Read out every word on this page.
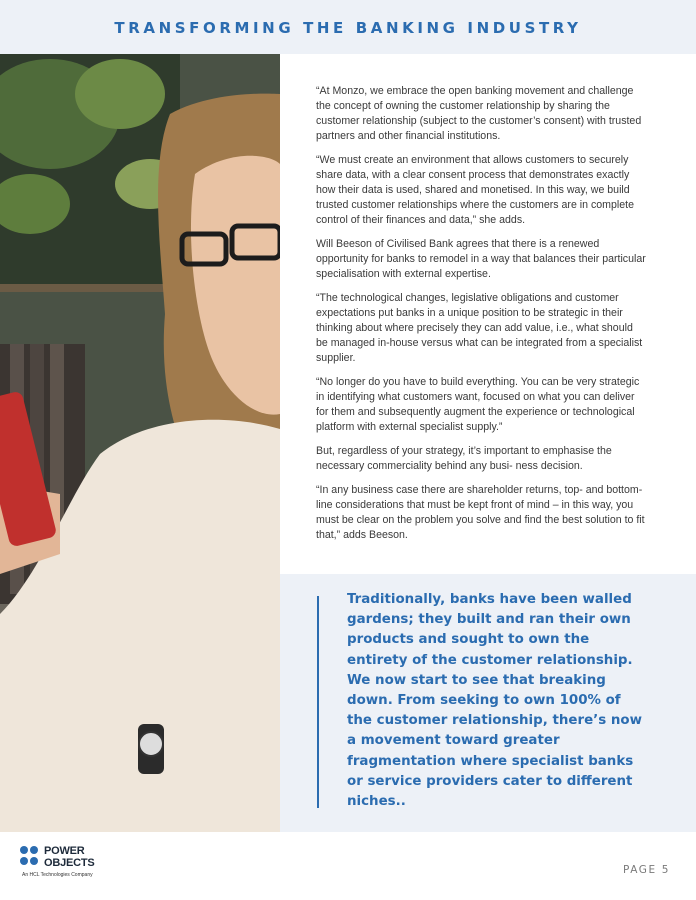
TRANSFORMING THE BANKING INDUSTRY

“At Monzo, we embrace the open banking movement and challenge the concept of owning the customer relationship by sharing the customer relationship (subject to the customer’s consent) with trusted partners and other financial institutions.

“We must create an environment that allows customers to securely share data, with a clear consent process that demonstrates exactly how their data is used, shared and monetised. In this way, we build trusted customer relationships where the customers are in complete control of their finances and data,” she adds.

Will Beeson of Civilised Bank agrees that there is a renewed opportunity for banks to remodel in a way that balances their particular specialisation with external expertise.

“The technological changes, legislative obligations and customer expectations put banks in a unique position to be strategic in their thinking about where precisely they can add value, i.e., what should be managed in-house versus what can be integrated from a specialist supplier.

“No longer do you have to build everything. You can be very strategic in identifying what customers want, focused on what you can deliver for them and subsequently augment the experience or technological platform with external specialist supply.”

But, regardless of your strategy, it’s important to emphasise the necessary commerciality behind any busi- ness decision.

“In any business case there are shareholder returns, top- and bottom-line considerations that must be kept front of mind – in this way, you must be clear on the problem you solve and find the best solution to fit that,” adds Beeson.

Traditionally, banks have been walled gardens; they built and ran their own products and sought to own the entirety of the customer relationship. We now start to see that breaking down. From seeking to own 100% of the customer relationship, there’s now a movement toward greater fragmentation where specialist banks or service providers cater to different niches..
POWER
OBJECTS
An HCL Technologies Company	PAGE 5
